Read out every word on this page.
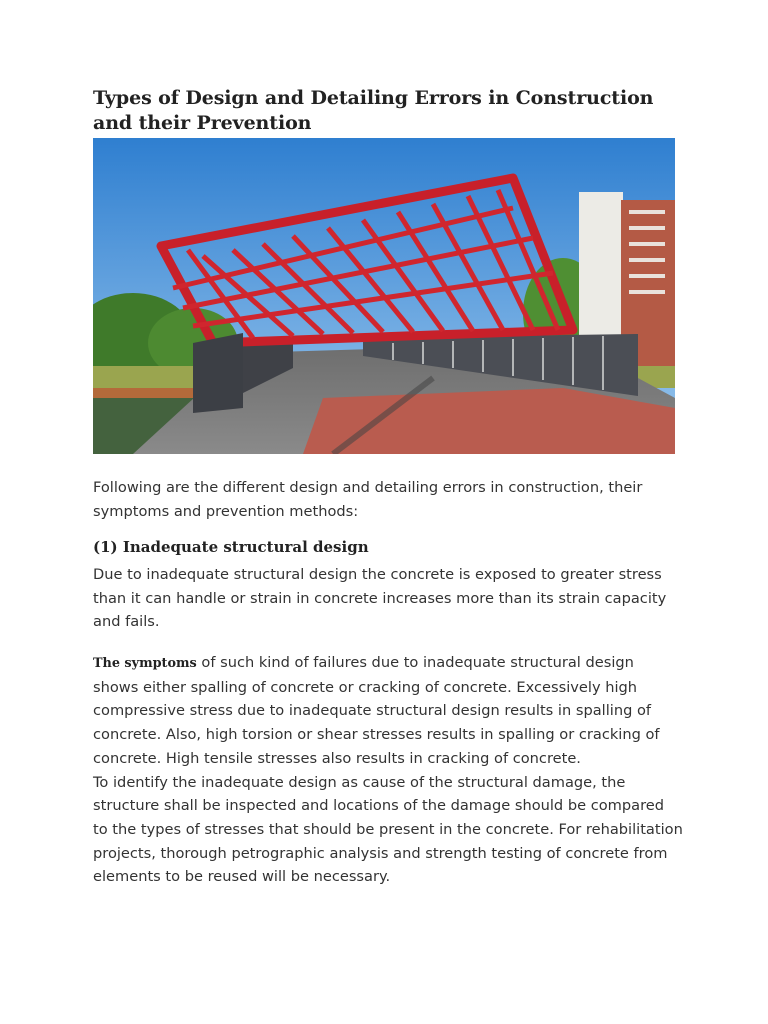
Types of Design and Detailing Errors in Construction and their Prevention

Following are the different design and detailing errors in construction, their symptoms and prevention methods:

(1) Inadequate structural design

Due to inadequate structural design the concrete is exposed to greater stress than it can handle or strain in concrete increases more than its strain capacity and fails.

The symptoms of such kind of failures due to inadequate structural design shows either spalling of concrete or cracking of concrete. Excessively high compressive stress due to inadequate structural design results in spalling of concrete. Also, high torsion or shear stresses results in spalling or cracking of concrete. High tensile stresses also results in cracking of concrete.

To identify the inadequate design as cause of the structural damage, the structure shall be inspected and locations of the damage should be compared to the types of stresses that should be present in the concrete. For rehabilitation projects, thorough petrographic analysis and strength testing of concrete from elements to be reused will be necessary.
